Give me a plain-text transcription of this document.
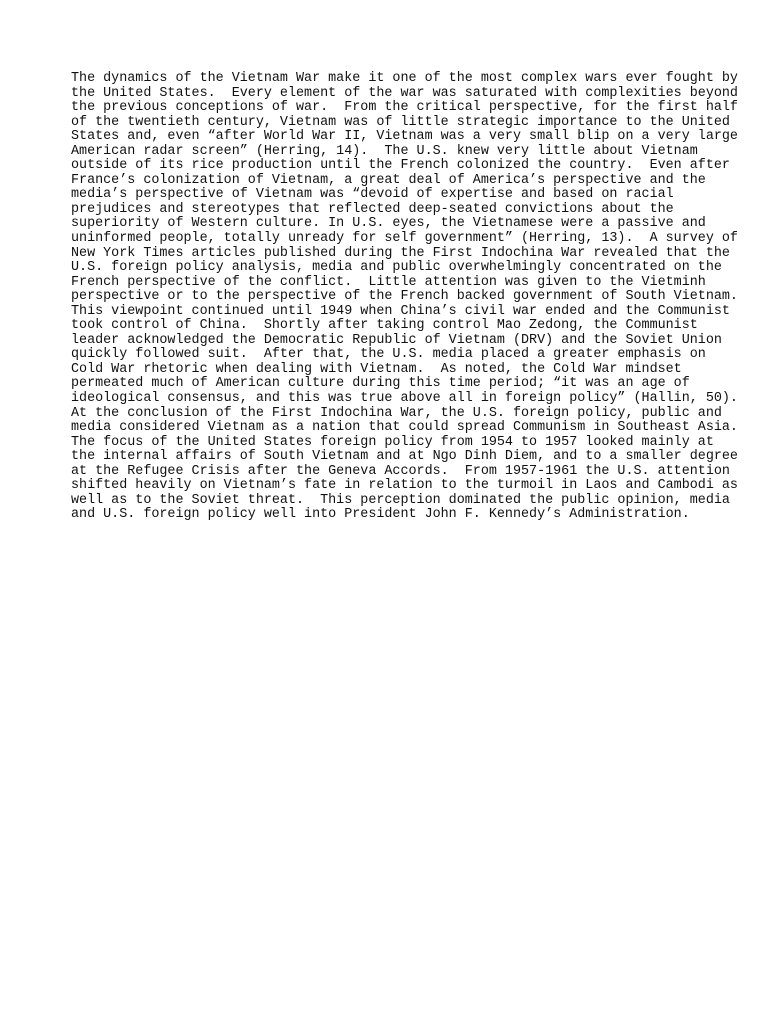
The dynamics of the Vietnam War make it one of the most complex wars ever fought by
the United States.  Every element of the war was saturated with complexities beyond
the previous conceptions of war.  From the critical perspective, for the first half
of the twentieth century, Vietnam was of little strategic importance to the United
States and, even “after World War II, Vietnam was a very small blip on a very large
American radar screen” (Herring, 14).  The U.S. knew very little about Vietnam
outside of its rice production until the French colonized the country.  Even after
France’s colonization of Vietnam, a great deal of America’s perspective and the
media’s perspective of Vietnam was “devoid of expertise and based on racial
prejudices and stereotypes that reflected deep-seated convictions about the
superiority of Western culture. In U.S. eyes, the Vietnamese were a passive and
uninformed people, totally unready for self government” (Herring, 13).  A survey of
New York Times articles published during the First Indochina War revealed that the
U.S. foreign policy analysis, media and public overwhelmingly concentrated on the
French perspective of the conflict.  Little attention was given to the Vietminh
perspective or to the perspective of the French backed government of South Vietnam.
This viewpoint continued until 1949 when China’s civil war ended and the Communist
took control of China.  Shortly after taking control Mao Zedong, the Communist
leader acknowledged the Democratic Republic of Vietnam (DRV) and the Soviet Union
quickly followed suit.  After that, the U.S. media placed a greater emphasis on
Cold War rhetoric when dealing with Vietnam.  As noted, the Cold War mindset
permeated much of American culture during this time period; “it was an age of
ideological consensus, and this was true above all in foreign policy” (Hallin, 50).
At the conclusion of the First Indochina War, the U.S. foreign policy, public and
media considered Vietnam as a nation that could spread Communism in Southeast Asia.
The focus of the United States foreign policy from 1954 to 1957 looked mainly at
the internal affairs of South Vietnam and at Ngo Dinh Diem, and to a smaller degree
at the Refugee Crisis after the Geneva Accords.  From 1957-1961 the U.S. attention
shifted heavily on Vietnam’s fate in relation to the turmoil in Laos and Cambodi as
well as to the Soviet threat.  This perception dominated the public opinion, media
and U.S. foreign policy well into President John F. Kennedy’s Administration.
